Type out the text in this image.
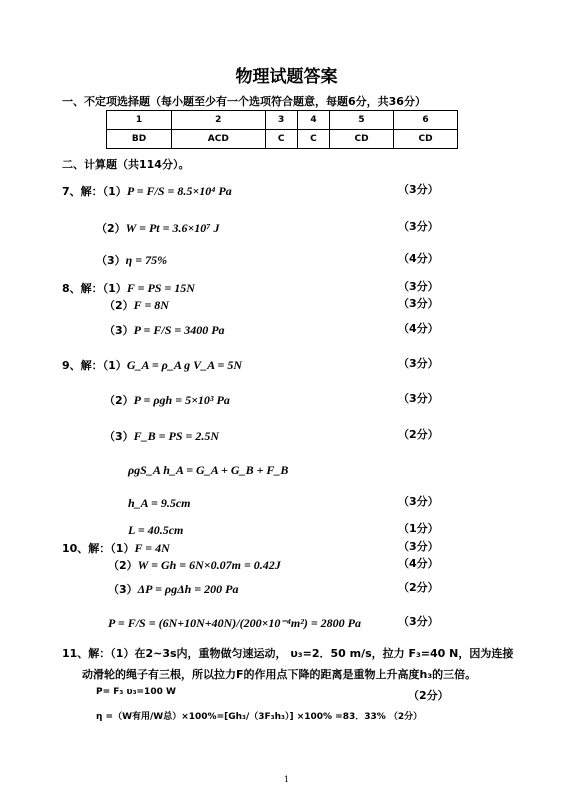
物理试题答案
一、不定项选择题（每小题至少有一个选项符合题意，每题6分，共36分）
1	2	3	4	5	6
BD	ACD	C	C	CD	CD
二、计算题（共114分）。
7、解：（1）P = F/S = 8.5×10⁴ Pa	（3分）
（2）W = Pt = 3.6×10⁷ J	（3分）
（3）η = 75%	（4分）
8、解：（1）F = PS = 15N	（3分）
（2）F = 8N	（3分）
（3）P = F/S = 3400 Pa	（4分）
9、解：（1）G_A = ρ_A g V_A = 5N	（3分）
（2）P = ρgh = 5×10³ Pa	（3分）
（3）F_B = PS = 2.5N	（2分）
ρgS_A h_A = G_A + G_B + F_B
h_A = 9.5cm	（3分）
L = 40.5cm	（1分）
10、解：（1）F = 4N	（3分）
（2）W = Gh = 6N×0.07m = 0.42J	（4分）
（3）ΔP = ρgΔh = 200 Pa	（2分）
P = F/S = (6N+10N+40N)/(200×10⁻⁴m²) = 2800 Pa	（3分）
11、解：（1）在2~3s内，重物做匀速运动， υ₃=2．50 m/s，拉力 F₃=40 N，因为连接
动滑轮的绳子有三根，所以拉力F的作用点下降的距离是重物上升高度h₃的三倍。
P= F₃ υ₃=100 W	（2分）
η =（W有用/W总）×100%=[Gh₃/（3F₃h₃）] ×100% =83．33% （2分）
1
